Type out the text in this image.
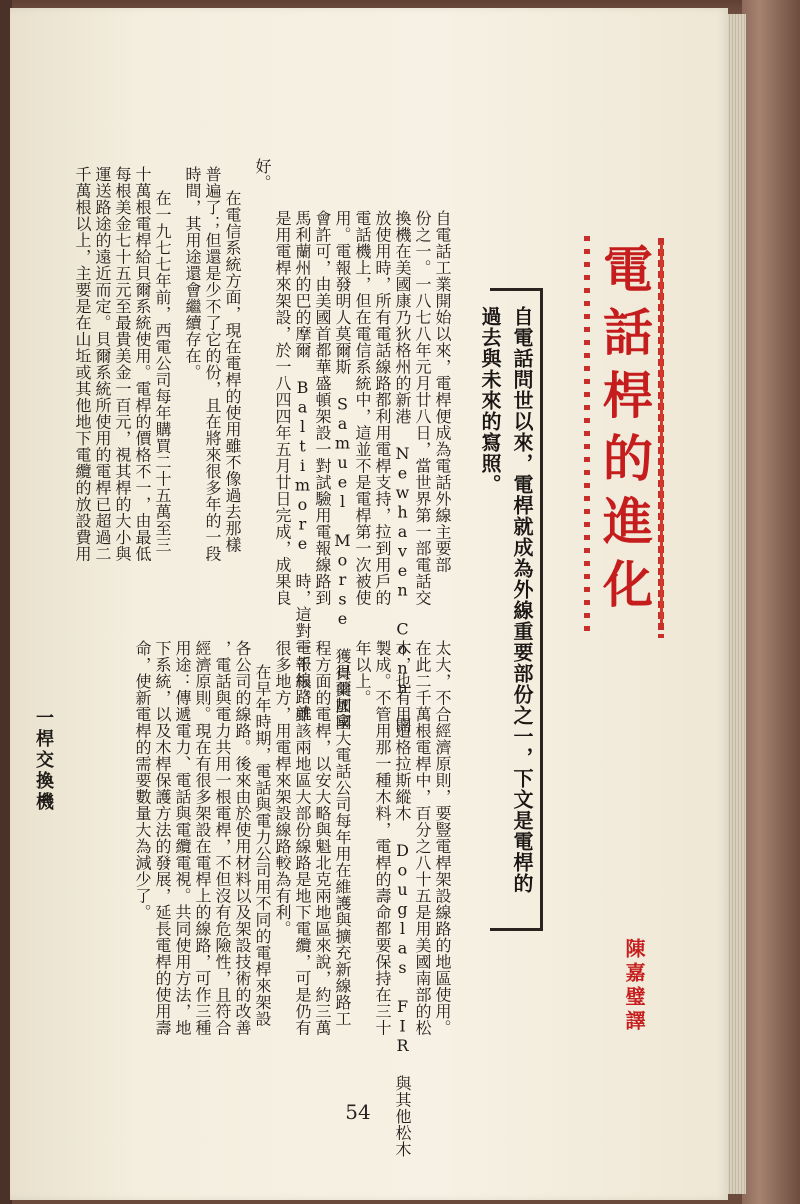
電話桿的進化
自電話問世以來，電桿就成為外線重要部份之一，下文是電桿的
過去與未來的寫照。
陳嘉璧譯
太大，不合經濟原則，要豎電桿架設線路的地區使用。
在此二千萬根電桿中，百分之八十五是用美國南部的松
木，也有用道格拉斯縱木 Douglas FIR 與其他松木
製成。不管用那一種木料，電桿的壽命都要保持在三十
年以上。
貝爾加拿大電話公司每年用在維護與擴充新線路工
程方面的電桿，以安大略與魁北克兩地區來說，約三萬
一千根。雖該兩地區大部份線路是地下電纜，可是仍有
很多地方，用電桿來架設線路較為有利。
在早年時期，電話與電力公司用不同的電桿來架設
各公司的線路。後來由於使用材料以及架設技術的改善
，電話與電力共用一根電桿，不但沒有危險性，且符合
經濟原則。現在有很多架設在電桿上的線路，可作三種
用途：傳遞電力、電話與電纜電視。共同使用方法，地
下系統，以及木桿保護方法的發展，延長電桿的使用壽
命，使新電桿的需要數量大為減少了。
自電話工業開始以來，電桿便成為電話外線主要部
份之一。一八七八年元月廿八日，當世界第一部電話交
換機在美國康乃狄格州的新港 Newhaven Conn 開
放使用時，所有電話線路都利用電桿支持，拉到用戶的
電話機上，但在電信系統中，這並不是電桿第一次被使
用。電報發明人莫爾斯 Samuel Morse 獲得美國國
會許可，由美國首都華盛頓架設一對試驗用電報線路到
馬利蘭州的巴的摩爾 Baltimore 時，這對電報線路就
是用電桿來架設，於一八四四年五月廿日完成，成果良
好。
在電信系統方面，現在電桿的使用雖不像過去那樣
普遍了；但還是少不了它的份，且在將來很多年的一段
時間，其用途還會繼續存在。
在一九七七年前，西電公司每年購買二十五萬至三
十萬根電桿給貝爾系統使用。電桿的價格不一，由最低
每根美金七十五元至最貴美金一百元，視其桿的大小與
運送路途的遠近而定。貝爾系統所使用的電桿已超過二
千萬根以上，主要是在山坵或其他地下電纜的放設費用
一桿交換機
54
